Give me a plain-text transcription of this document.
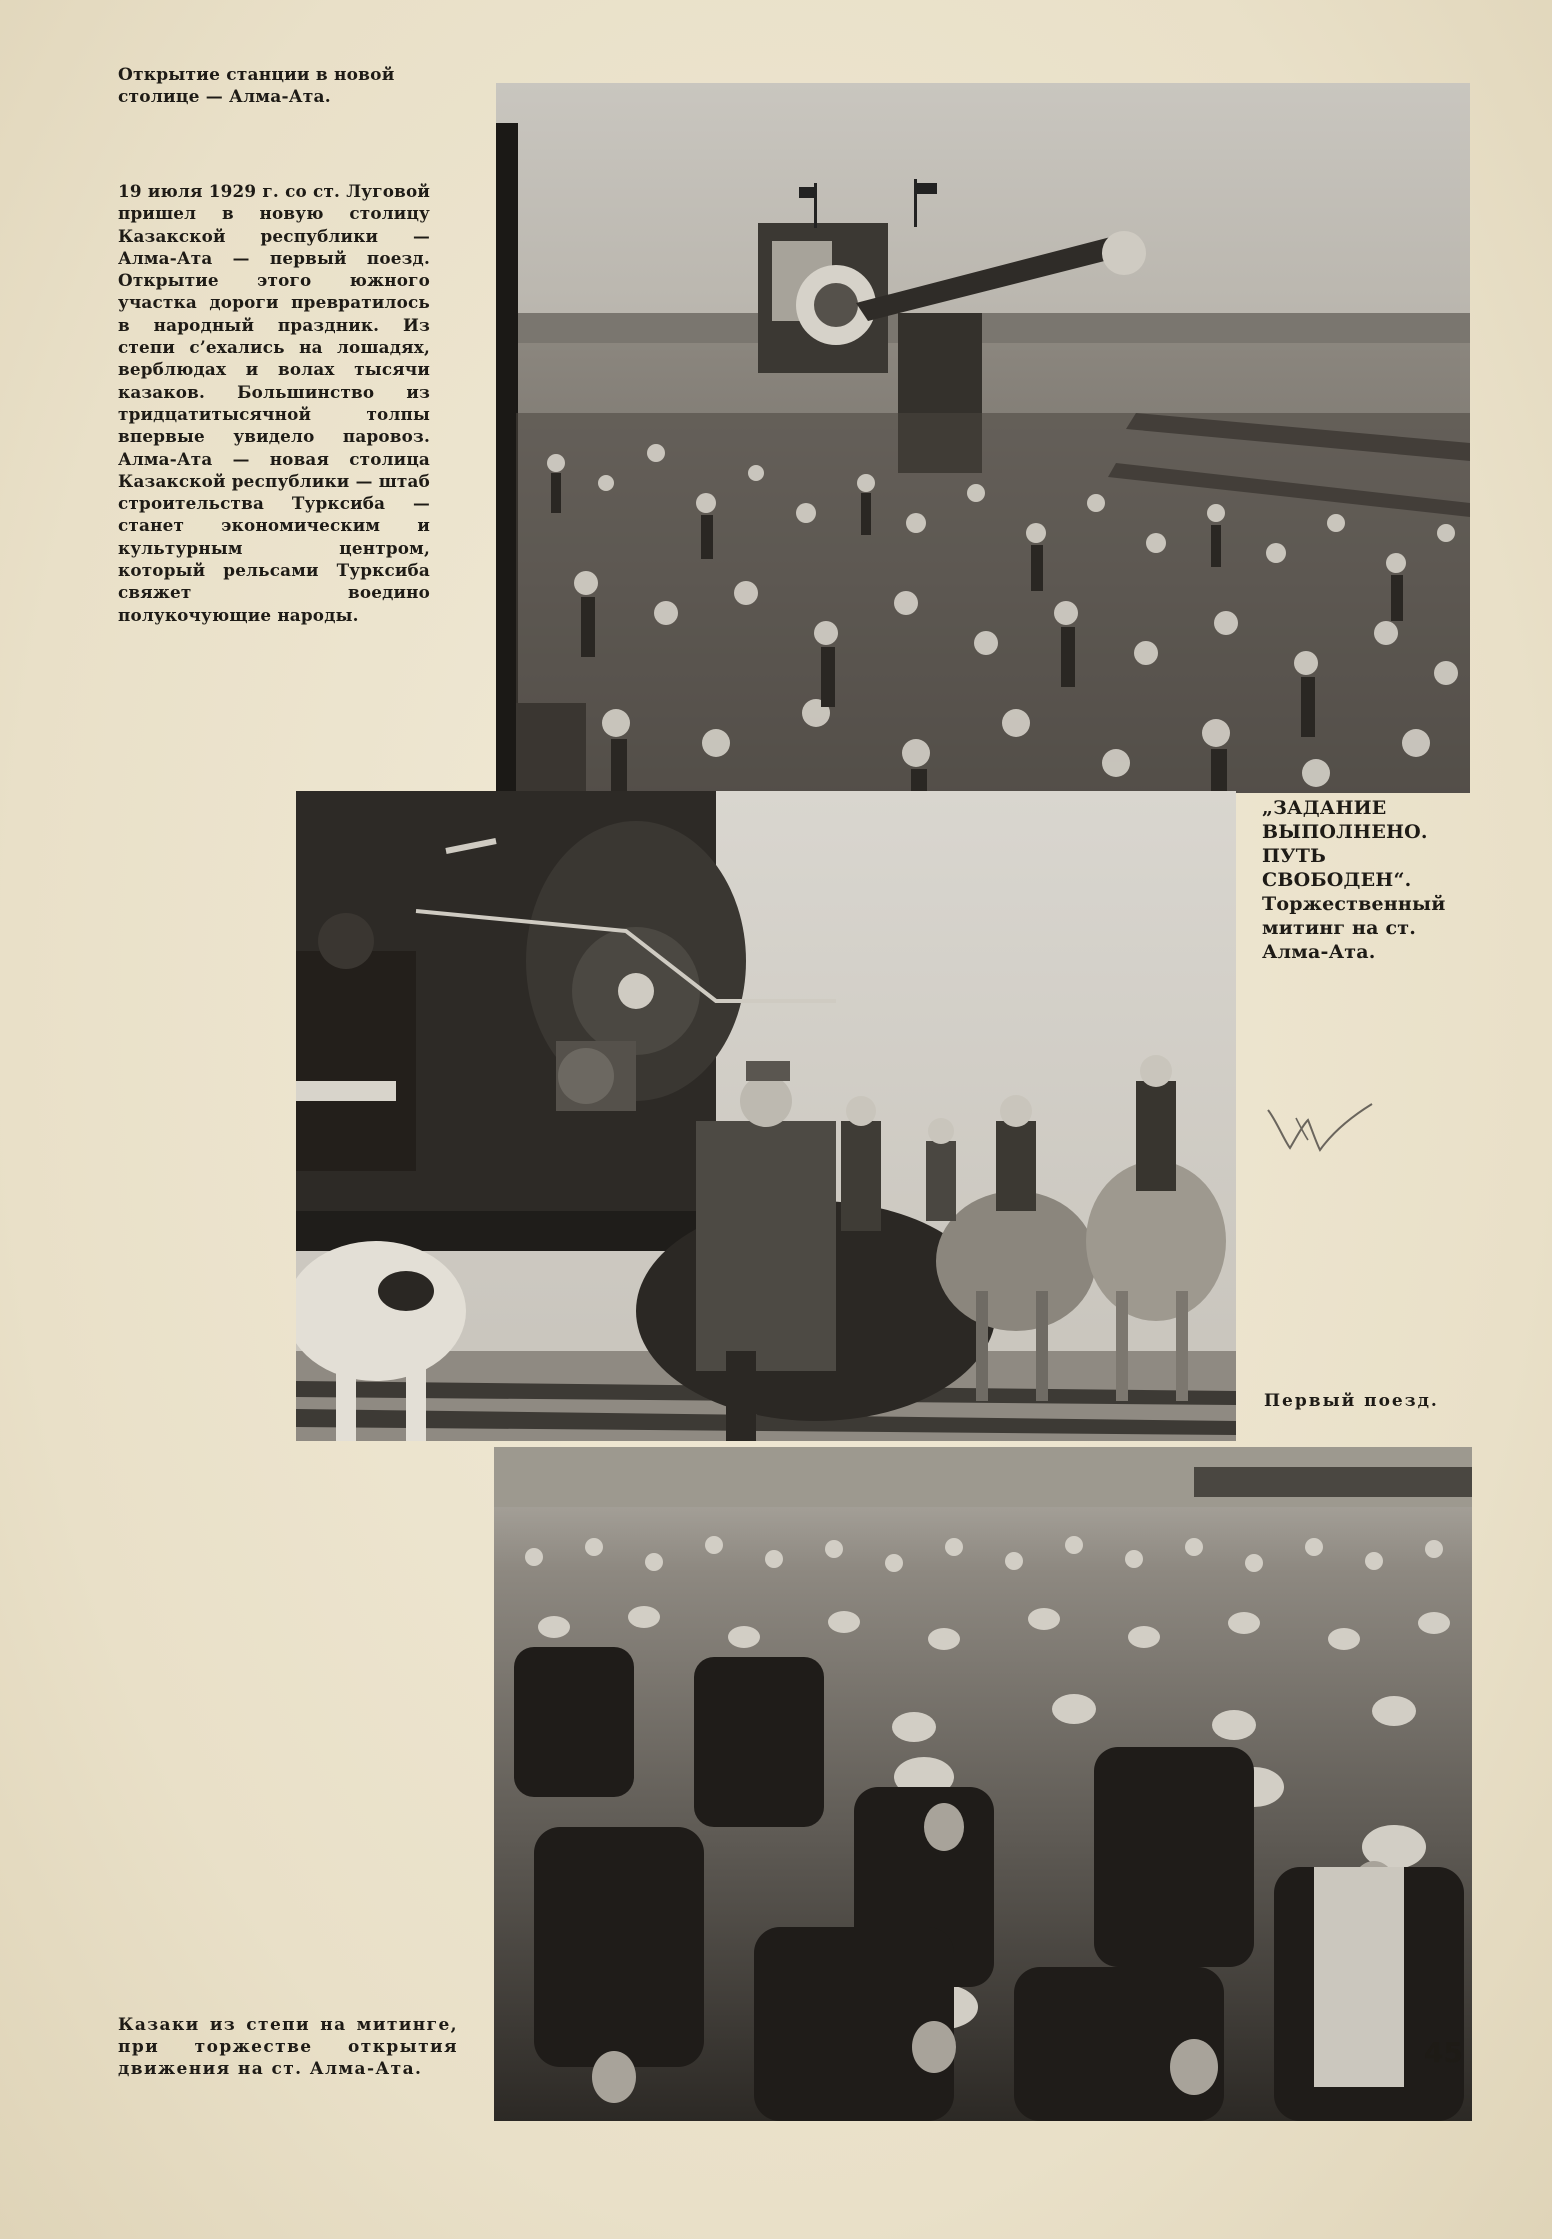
Открытие станции в новой столице — Алма-Ата.
19 июля 1929 г. со ст. Луговой пришел в новую столицу Казакской республики — Алма-Ата — первый поезд. Открытие этого южного участка дороги превратилось в народный праздник. Из степи с’ехались на лошадях, верблюдах и волах тысячи казаков. Большинство из тридцатитысячной толпы впервые увидело паровоз. Алма-Ата — новая столица Казакской республики — штаб строительства Турксиба — станет экономическим и культурным центром, который рельсами Турксиба свяжет воедино полукочующие народы.
„ЗАДАНИЕ ВЫПОЛНЕНО. ПУТЬ СВОБОДЕН“. Торжественный митинг на ст. Алма-Ата.
Первый поезд.
Казаки из степи на митинге, при торжестве открытия движения на ст. Алма-Ата.	45
